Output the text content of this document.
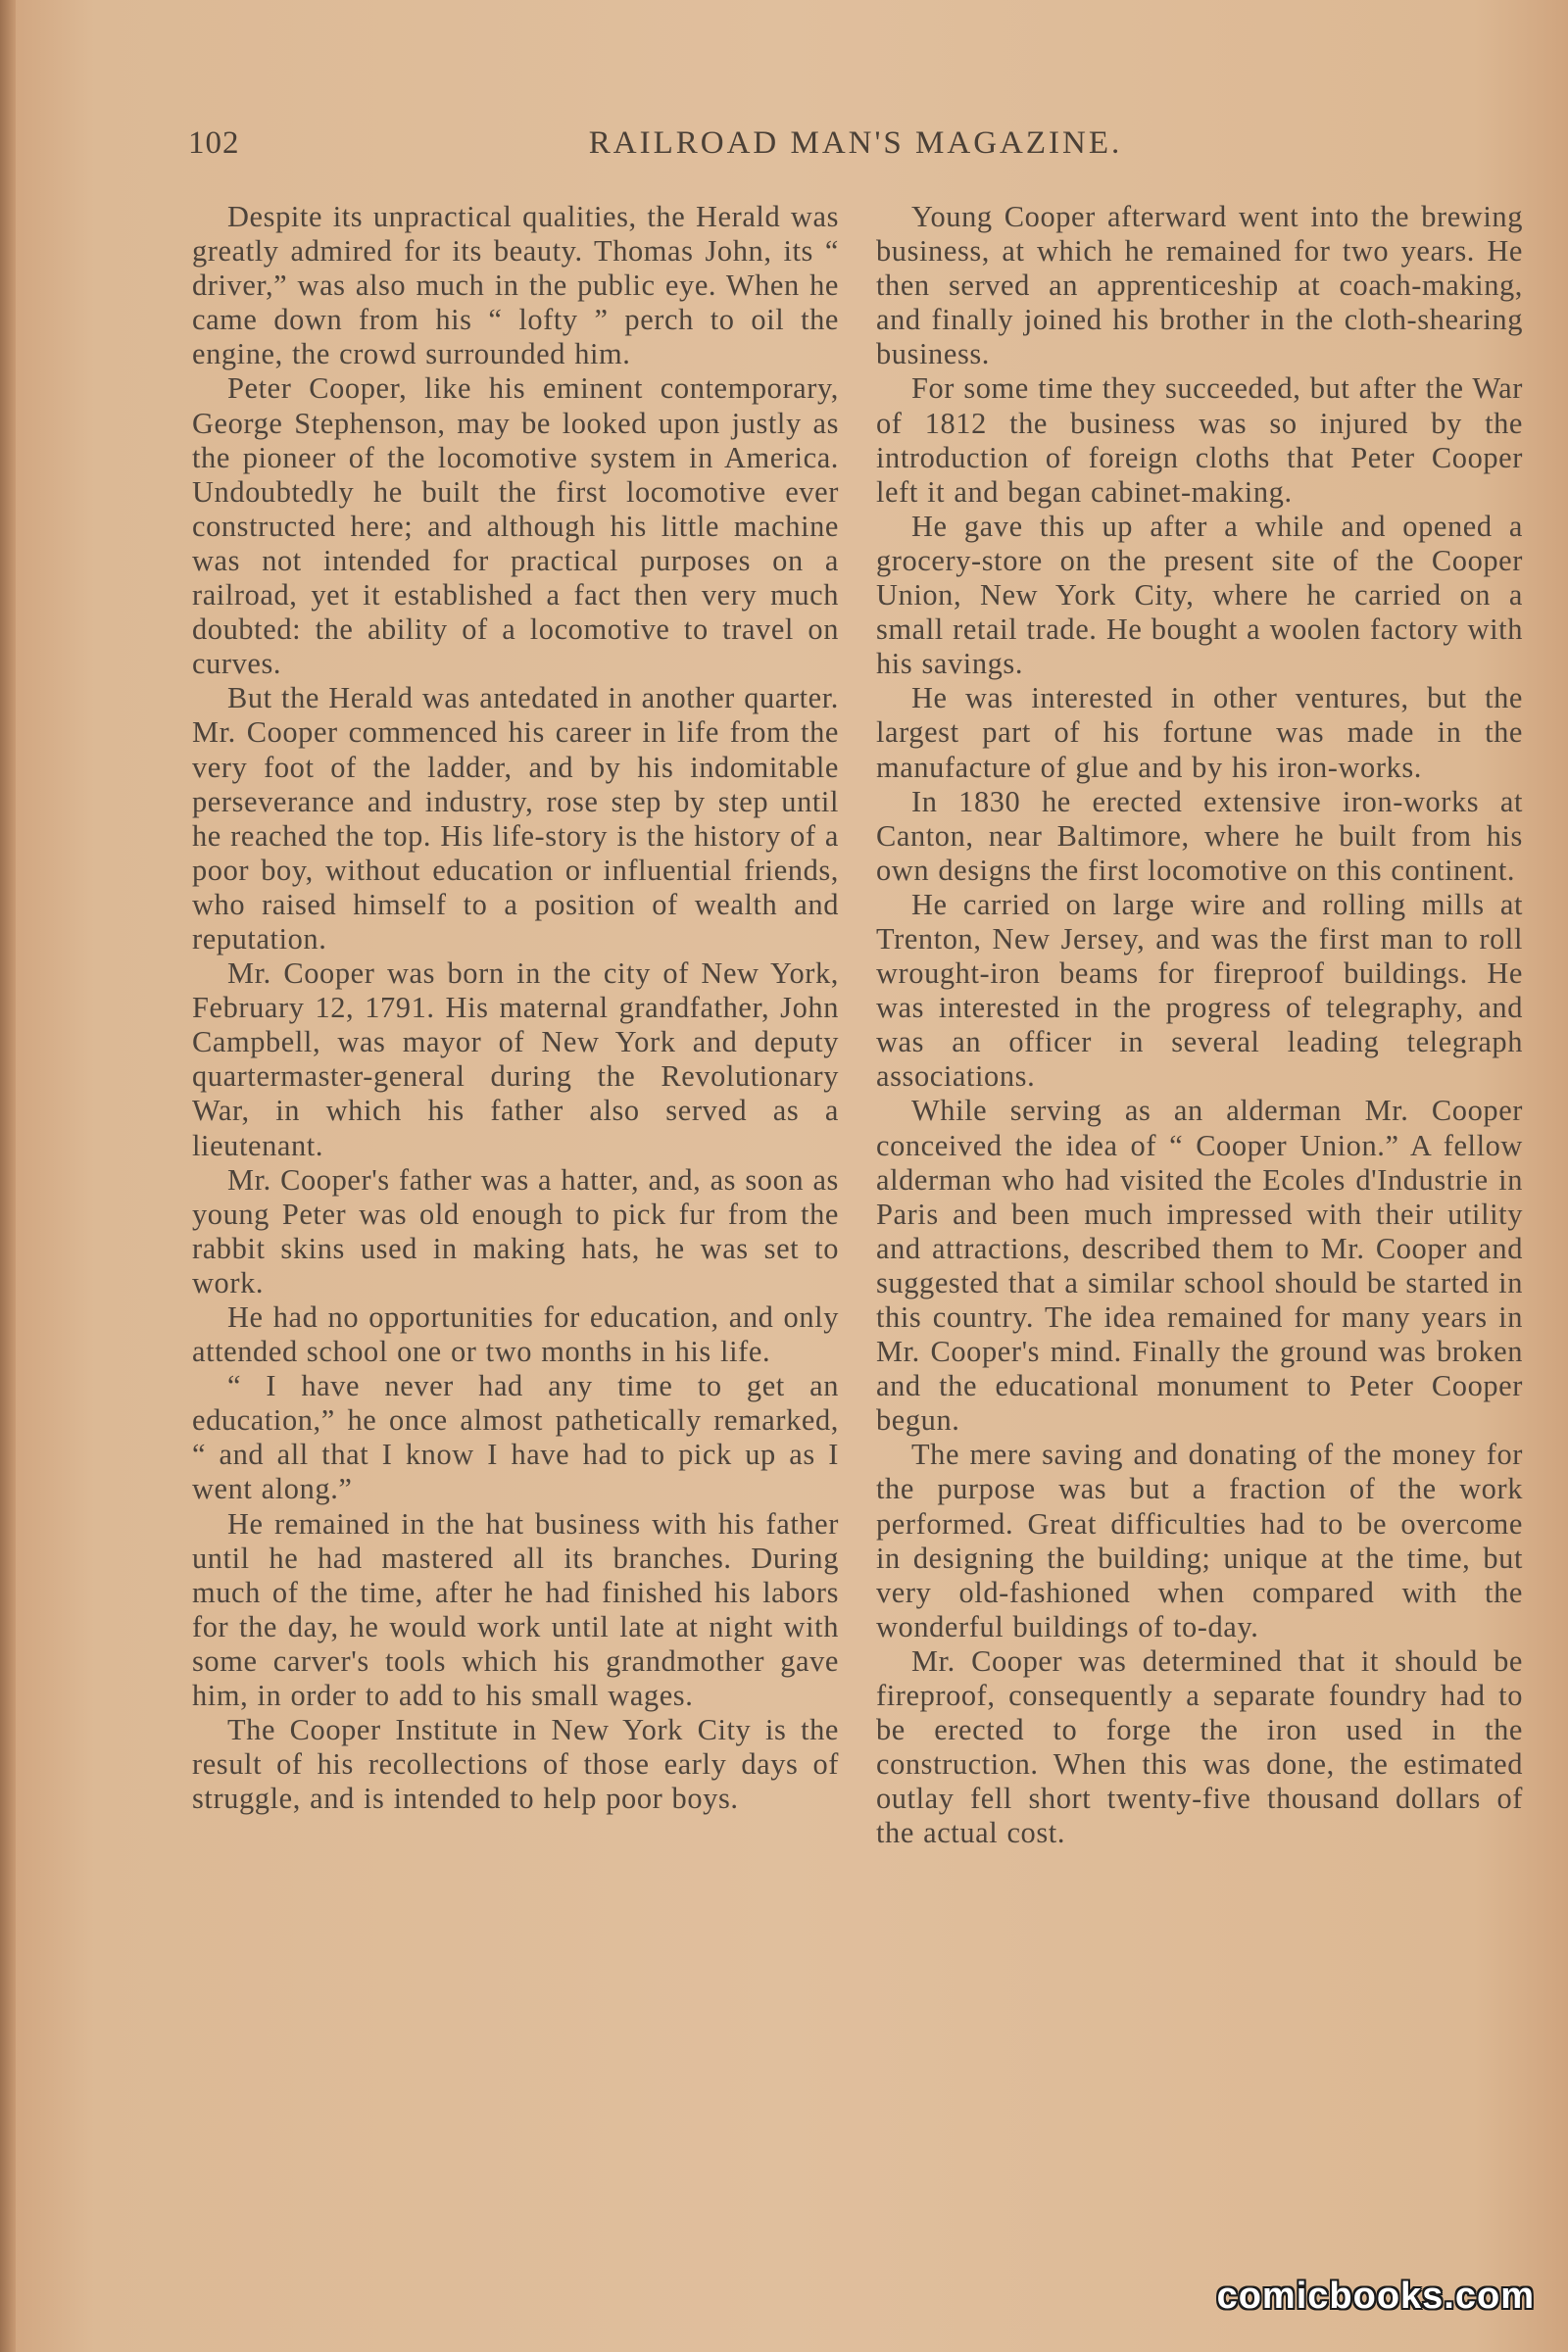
102	RAILROAD MAN'S MAGAZINE.

Despite its unpractical qualities, the Herald was greatly admired for its beauty. Thomas John, its “ driver,” was also much in the public eye. When he came down from his “ lofty ” perch to oil the engine, the crowd surrounded him.

Peter Cooper, like his eminent contemporary, George Stephenson, may be looked upon justly as the pioneer of the locomotive system in America. Undoubtedly he built the first locomotive ever constructed here; and although his little machine was not intended for practical purposes on a railroad, yet it established a fact then very much doubted: the ability of a locomotive to travel on curves.

But the Herald was antedated in another quarter. Mr. Cooper commenced his career in life from the very foot of the ladder, and by his indomitable perseverance and industry, rose step by step until he reached the top. His life-story is the history of a poor boy, without education or influential friends, who raised himself to a position of wealth and reputation.

Mr. Cooper was born in the city of New York, February 12, 1791. His maternal grandfather, John Campbell, was mayor of New York and deputy quartermaster-general during the Revolutionary War, in which his father also served as a lieutenant.

Mr. Cooper's father was a hatter, and, as soon as young Peter was old enough to pick fur from the rabbit skins used in making hats, he was set to work.

He had no opportunities for education, and only attended school one or two months in his life.

“ I have never had any time to get an education,” he once almost pathetically remarked, “ and all that I know I have had to pick up as I went along.”

He remained in the hat business with his father until he had mastered all its branches. During much of the time, after he had finished his labors for the day, he would work until late at night with some carver's tools which his grandmother gave him, in order to add to his small wages.

The Cooper Institute in New York City is the result of his recollections of those early days of struggle, and is intended to help poor boys.

Young Cooper afterward went into the brewing business, at which he remained for two years. He then served an apprenticeship at coach-making, and finally joined his brother in the cloth-shearing business.

For some time they succeeded, but after the War of 1812 the business was so injured by the introduction of foreign cloths that Peter Cooper left it and began cabinet-making.

He gave this up after a while and opened a grocery-store on the present site of the Cooper Union, New York City, where he carried on a small retail trade. He bought a woolen factory with his savings.

He was interested in other ventures, but the largest part of his fortune was made in the manufacture of glue and by his iron-works.

In 1830 he erected extensive iron-works at Canton, near Baltimore, where he built from his own designs the first locomotive on this continent.

He carried on large wire and rolling mills at Trenton, New Jersey, and was the first man to roll wrought-iron beams for fireproof buildings. He was interested in the progress of telegraphy, and was an officer in several leading telegraph associations.

While serving as an alderman Mr. Cooper conceived the idea of “ Cooper Union.” A fellow alderman who had visited the Ecoles d'Industrie in Paris and been much impressed with their utility and attractions, described them to Mr. Cooper and suggested that a similar school should be started in this country. The idea remained for many years in Mr. Cooper's mind. Finally the ground was broken and the educational monument to Peter Cooper begun.

The mere saving and donating of the money for the purpose was but a fraction of the work performed. Great difficulties had to be overcome in designing the building; unique at the time, but very old-fashioned when compared with the wonderful buildings of to-day.

Mr. Cooper was determined that it should be fireproof, consequently a separate foundry had to be erected to forge the iron used in the construction. When this was done, the estimated outlay fell short twenty-five thousand dollars of the actual cost.

comicbooks.com
